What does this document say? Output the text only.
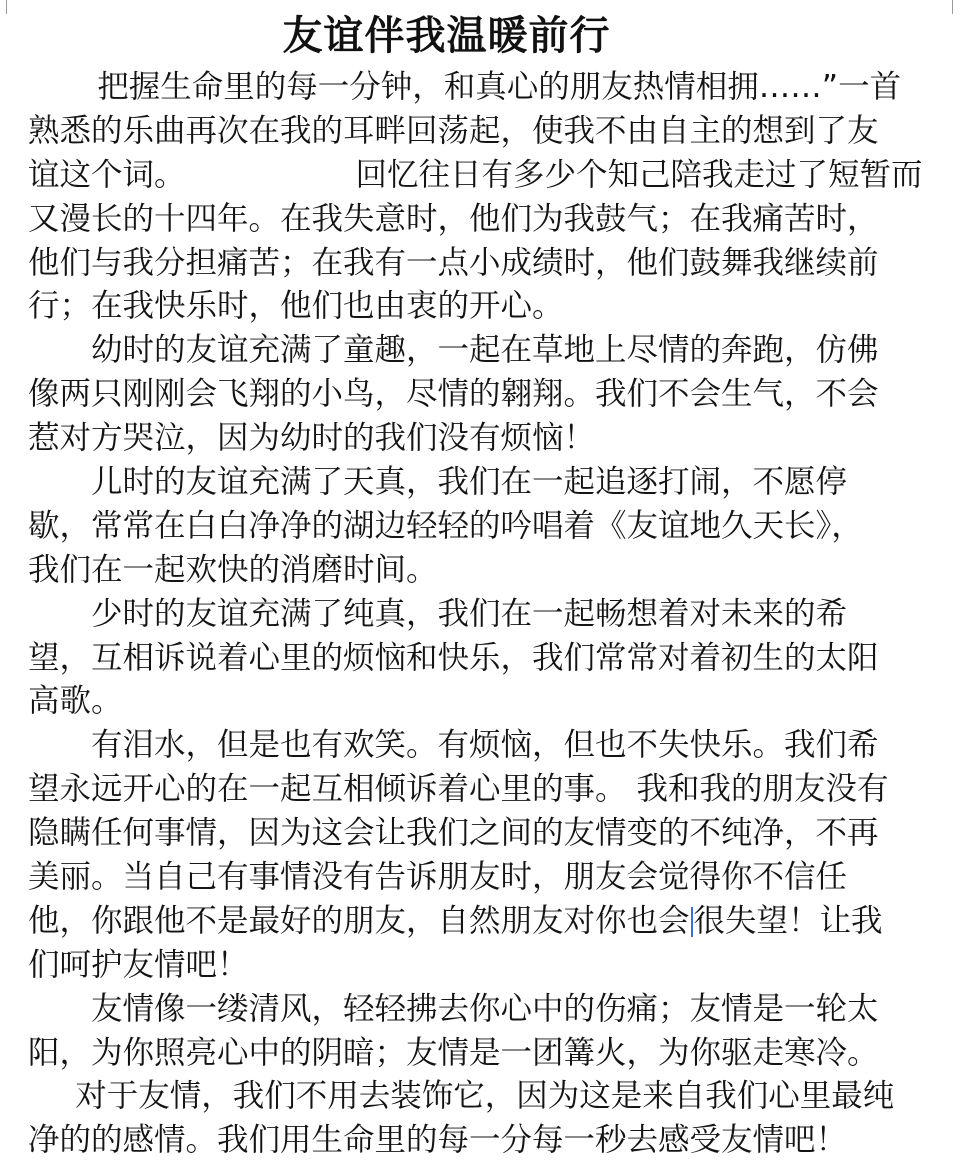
友谊伴我温暖前行
把握生命里的每一分钟，和真心的朋友热情相拥……”一首
熟悉的乐曲再次在我的耳畔回荡起，使我不由自主的想到了友
谊这个词。	回忆往日有多少个知己陪我走过了短暂而
又漫长的十四年。在我失意时，他们为我鼓气；在我痛苦时，
他们与我分担痛苦；在我有一点小成绩时，他们鼓舞我继续前
行；在我快乐时，他们也由衷的开心。
幼时的友谊充满了童趣，一起在草地上尽情的奔跑，仿佛
像两只刚刚会飞翔的小鸟，尽情的翱翔。我们不会生气，不会
惹对方哭泣，因为幼时的我们没有烦恼！
儿时的友谊充满了天真，我们在一起追逐打闹，不愿停
歇，常常在白白净净的湖边轻轻的吟唱着《友谊地久天长》，
我们在一起欢快的消磨时间。
少时的友谊充满了纯真，我们在一起畅想着对未来的希
望，互相诉说着心里的烦恼和快乐，我们常常对着初生的太阳
高歌。
有泪水，但是也有欢笑。有烦恼，但也不失快乐。我们希
望永远开心的在一起互相倾诉着心里的事。 我和我的朋友没有
隐瞒任何事情，因为这会让我们之间的友情变的不纯净，不再
美丽。当自己有事情没有告诉朋友时，朋友会觉得你不信任
他，你跟他不是最好的朋友，自然朋友对你也会 很失望！让我
们呵护友情吧！
友情像一缕清风，轻轻拂去你心中的伤痛；友情是一轮太
阳，为你照亮心中的阴暗；友情是一团篝火，为你驱走寒冷。
对于友情，我们不用去装饰它，因为这是来自我们心里最纯
净的的感情。我们用生命里的每一分每一秒去感受友情吧！
